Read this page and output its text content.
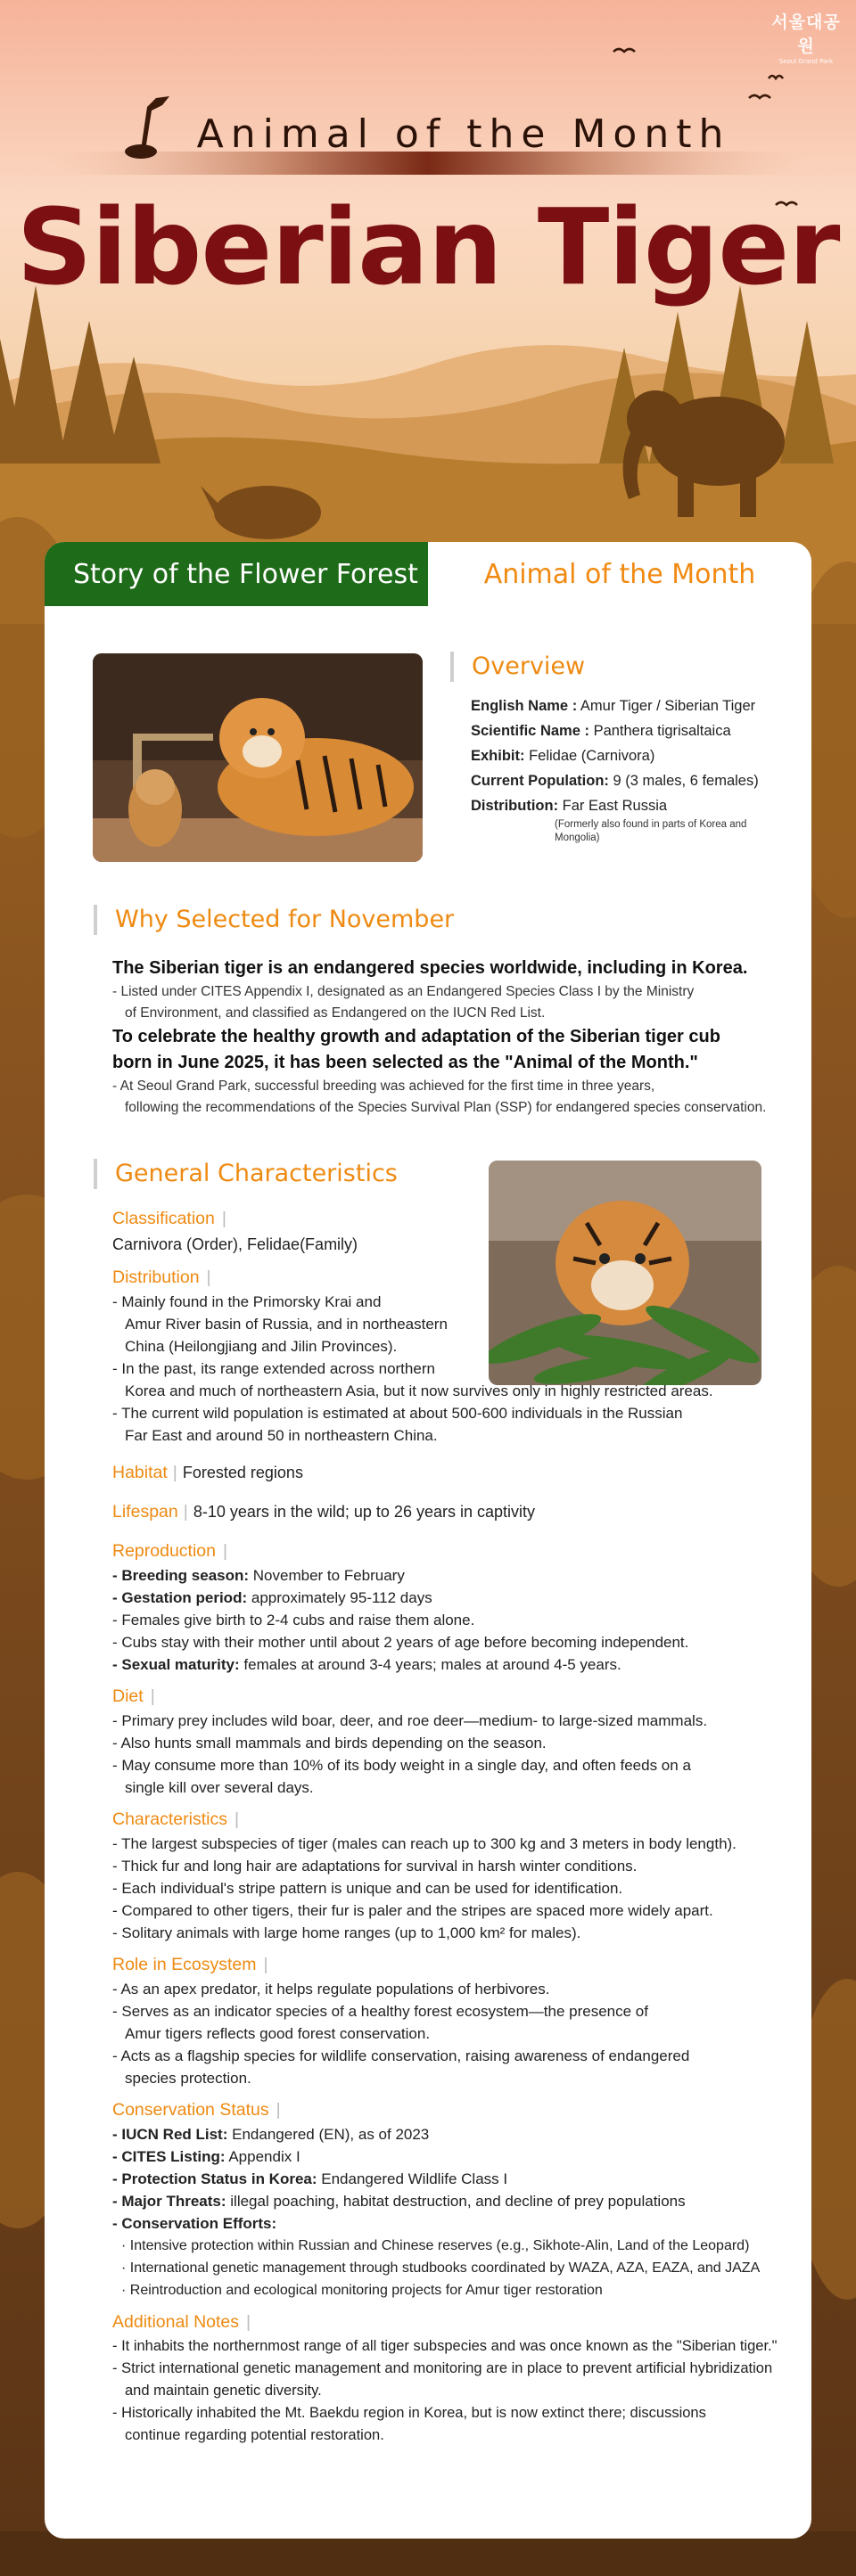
서울대공원
Seoul Grand Park
Animal of the Month
Siberian Tiger
Story of the Flower Forest	Animal of the Month
Overview
English Name : Amur Tiger / Siberian Tiger
Scientific Name : Panthera tigrisaltaica
Exhibit: Felidae (Carnivora)
Current Population: 9 (3 males, 6 females)
Distribution: Far East Russia
(Formerly also found in parts of Korea and
Mongolia)
Why Selected for November
The Siberian tiger is an endangered species worldwide, including in Korea.
- Listed under CITES Appendix I, designated as an Endangered Species Class I by the Ministry
of Environment, and classified as Endangered on the IUCN Red List.
To celebrate the healthy growth and adaptation of the Siberian tiger cub
born in June 2025, it has been selected as the "Animal of the Month."
- At Seoul Grand Park, successful breeding was achieved for the first time in three years,
following the recommendations of the Species Survival Plan (SSP) for endangered species conservation.
General Characteristics
Classification |
Carnivora (Order), Felidae(Family)
Distribution |
- Mainly found in the Primorsky Krai and
Amur River basin of Russia, and in northeastern
China (Heilongjiang and Jilin Provinces).
- In the past, its range extended across northern
Korea and much of northeastern Asia, but it now survives only in highly restricted areas.
- The current wild population is estimated at about 500-600 individuals in the Russian
Far East and around 50 in northeastern China.
Habitat | Forested regions
Lifespan | 8-10 years in the wild; up to 26 years in captivity
Reproduction |
- Breeding season: November to February
- Gestation period: approximately 95-112 days
- Females give birth to 2-4 cubs and raise them alone.
- Cubs stay with their mother until about 2 years of age before becoming independent.
- Sexual maturity: females at around 3-4 years; males at around 4-5 years.
Diet |
- Primary prey includes wild boar, deer, and roe deer—medium- to large-sized mammals.
- Also hunts small mammals and birds depending on the season.
- May consume more than 10% of its body weight in a single day, and often feeds on a
single kill over several days.
Characteristics |
- The largest subspecies of tiger (males can reach up to 300 kg and 3 meters in body length).
- Thick fur and long hair are adaptations for survival in harsh winter conditions.
- Each individual's stripe pattern is unique and can be used for identification.
- Compared to other tigers, their fur is paler and the stripes are spaced more widely apart.
- Solitary animals with large home ranges (up to 1,000 km² for males).
Role in Ecosystem |
- As an apex predator, it helps regulate populations of herbivores.
- Serves as an indicator species of a healthy forest ecosystem—the presence of
Amur tigers reflects good forest conservation.
- Acts as a flagship species for wildlife conservation, raising awareness of endangered
species protection.
Conservation Status |
- IUCN Red List: Endangered (EN), as of 2023
- CITES Listing: Appendix I
- Protection Status in Korea: Endangered Wildlife Class I
- Major Threats: illegal poaching, habitat destruction, and decline of prey populations
- Conservation Efforts:
· Intensive protection within Russian and Chinese reserves (e.g., Sikhote-Alin, Land of the Leopard)
· International genetic management through studbooks coordinated by WAZA, AZA, EAZA, and JAZA
· Reintroduction and ecological monitoring projects for Amur tiger restoration
Additional Notes |
- It inhabits the northernmost range of all tiger subspecies and was once known as the "Siberian tiger."
- Strict international genetic management and monitoring are in place to prevent artificial hybridization
and maintain genetic diversity.
- Historically inhabited the Mt. Baekdu region in Korea, but is now extinct there; discussions
continue regarding potential restoration.
